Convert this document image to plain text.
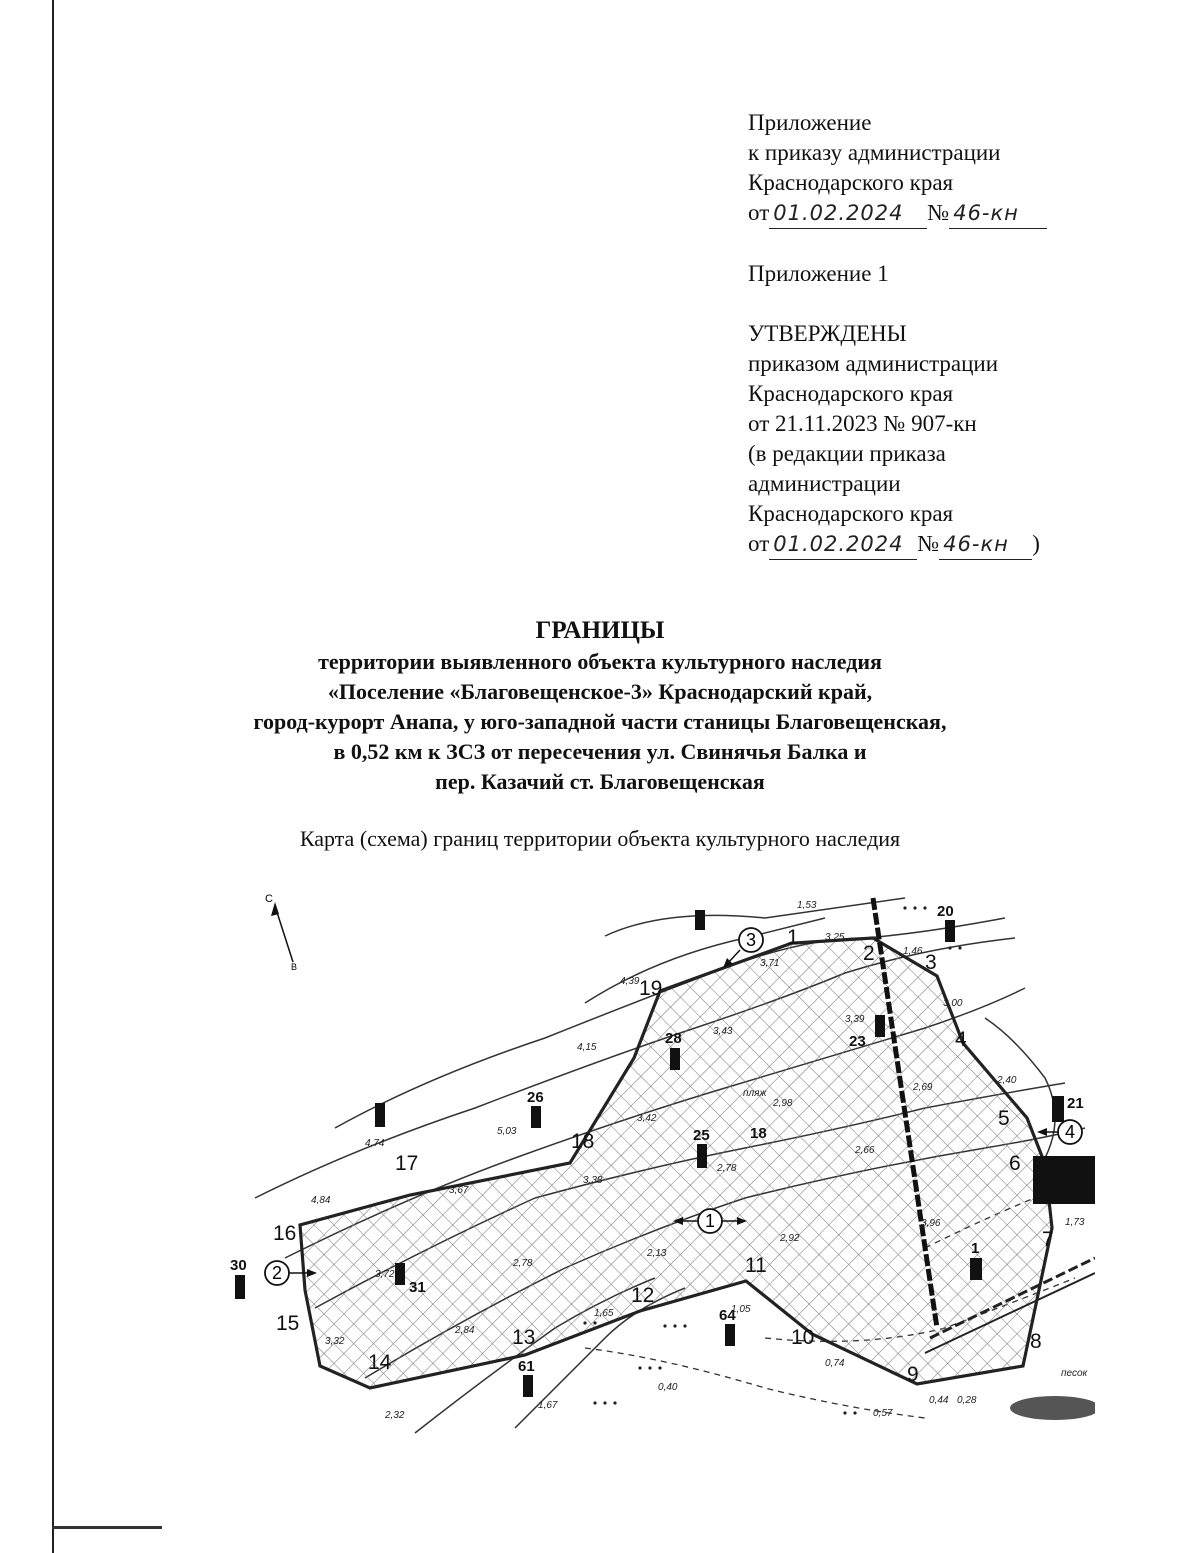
Приложение
к приказу администрации
Краснодарского края
от 01.02.2024 № 46-кн
Приложение 1
УТВЕРЖДЕНЫ
приказом администрации
Краснодарского края
от 21.11.2023 № 907-кн
(в редакции приказа
администрации
Краснодарского края
от 01.02.2024 № 46-кн )
ГРАНИЦЫ
территории выявленного объекта культурного наследия
«Поселение «Благовещенское-3» Краснодарский край,
город-курорт Анапа, у юго-западной части станицы Благовещенская,
в 0,52 км к ЗСЗ от пересечения ул. Свинячья Балка и
пер. Казачий ст. Благовещенская
Карта (схема) границ территории объекта культурного наследия
С
В
1
2
3
4
1
2 3
4
5
6
7
8
9
10
11
12
13
14
15
16
17
18
19
20
21
23
25
26
28
30
31
61
64
1
18
1,53
3,25
3,71
1,46
4,39
4,15
3,39
3,43
3,00
2,69
2,40
2,98
3,42
3,38
2,78
2,66
4,74
5,03
3,67
4,84
3,96
2,92
2,13
2,78
3,72
1,65	1,05
2,84
3,32
2,32
1,67
0,74
0,44 0,28
1,73
0,40
0,57
песок
пляж
